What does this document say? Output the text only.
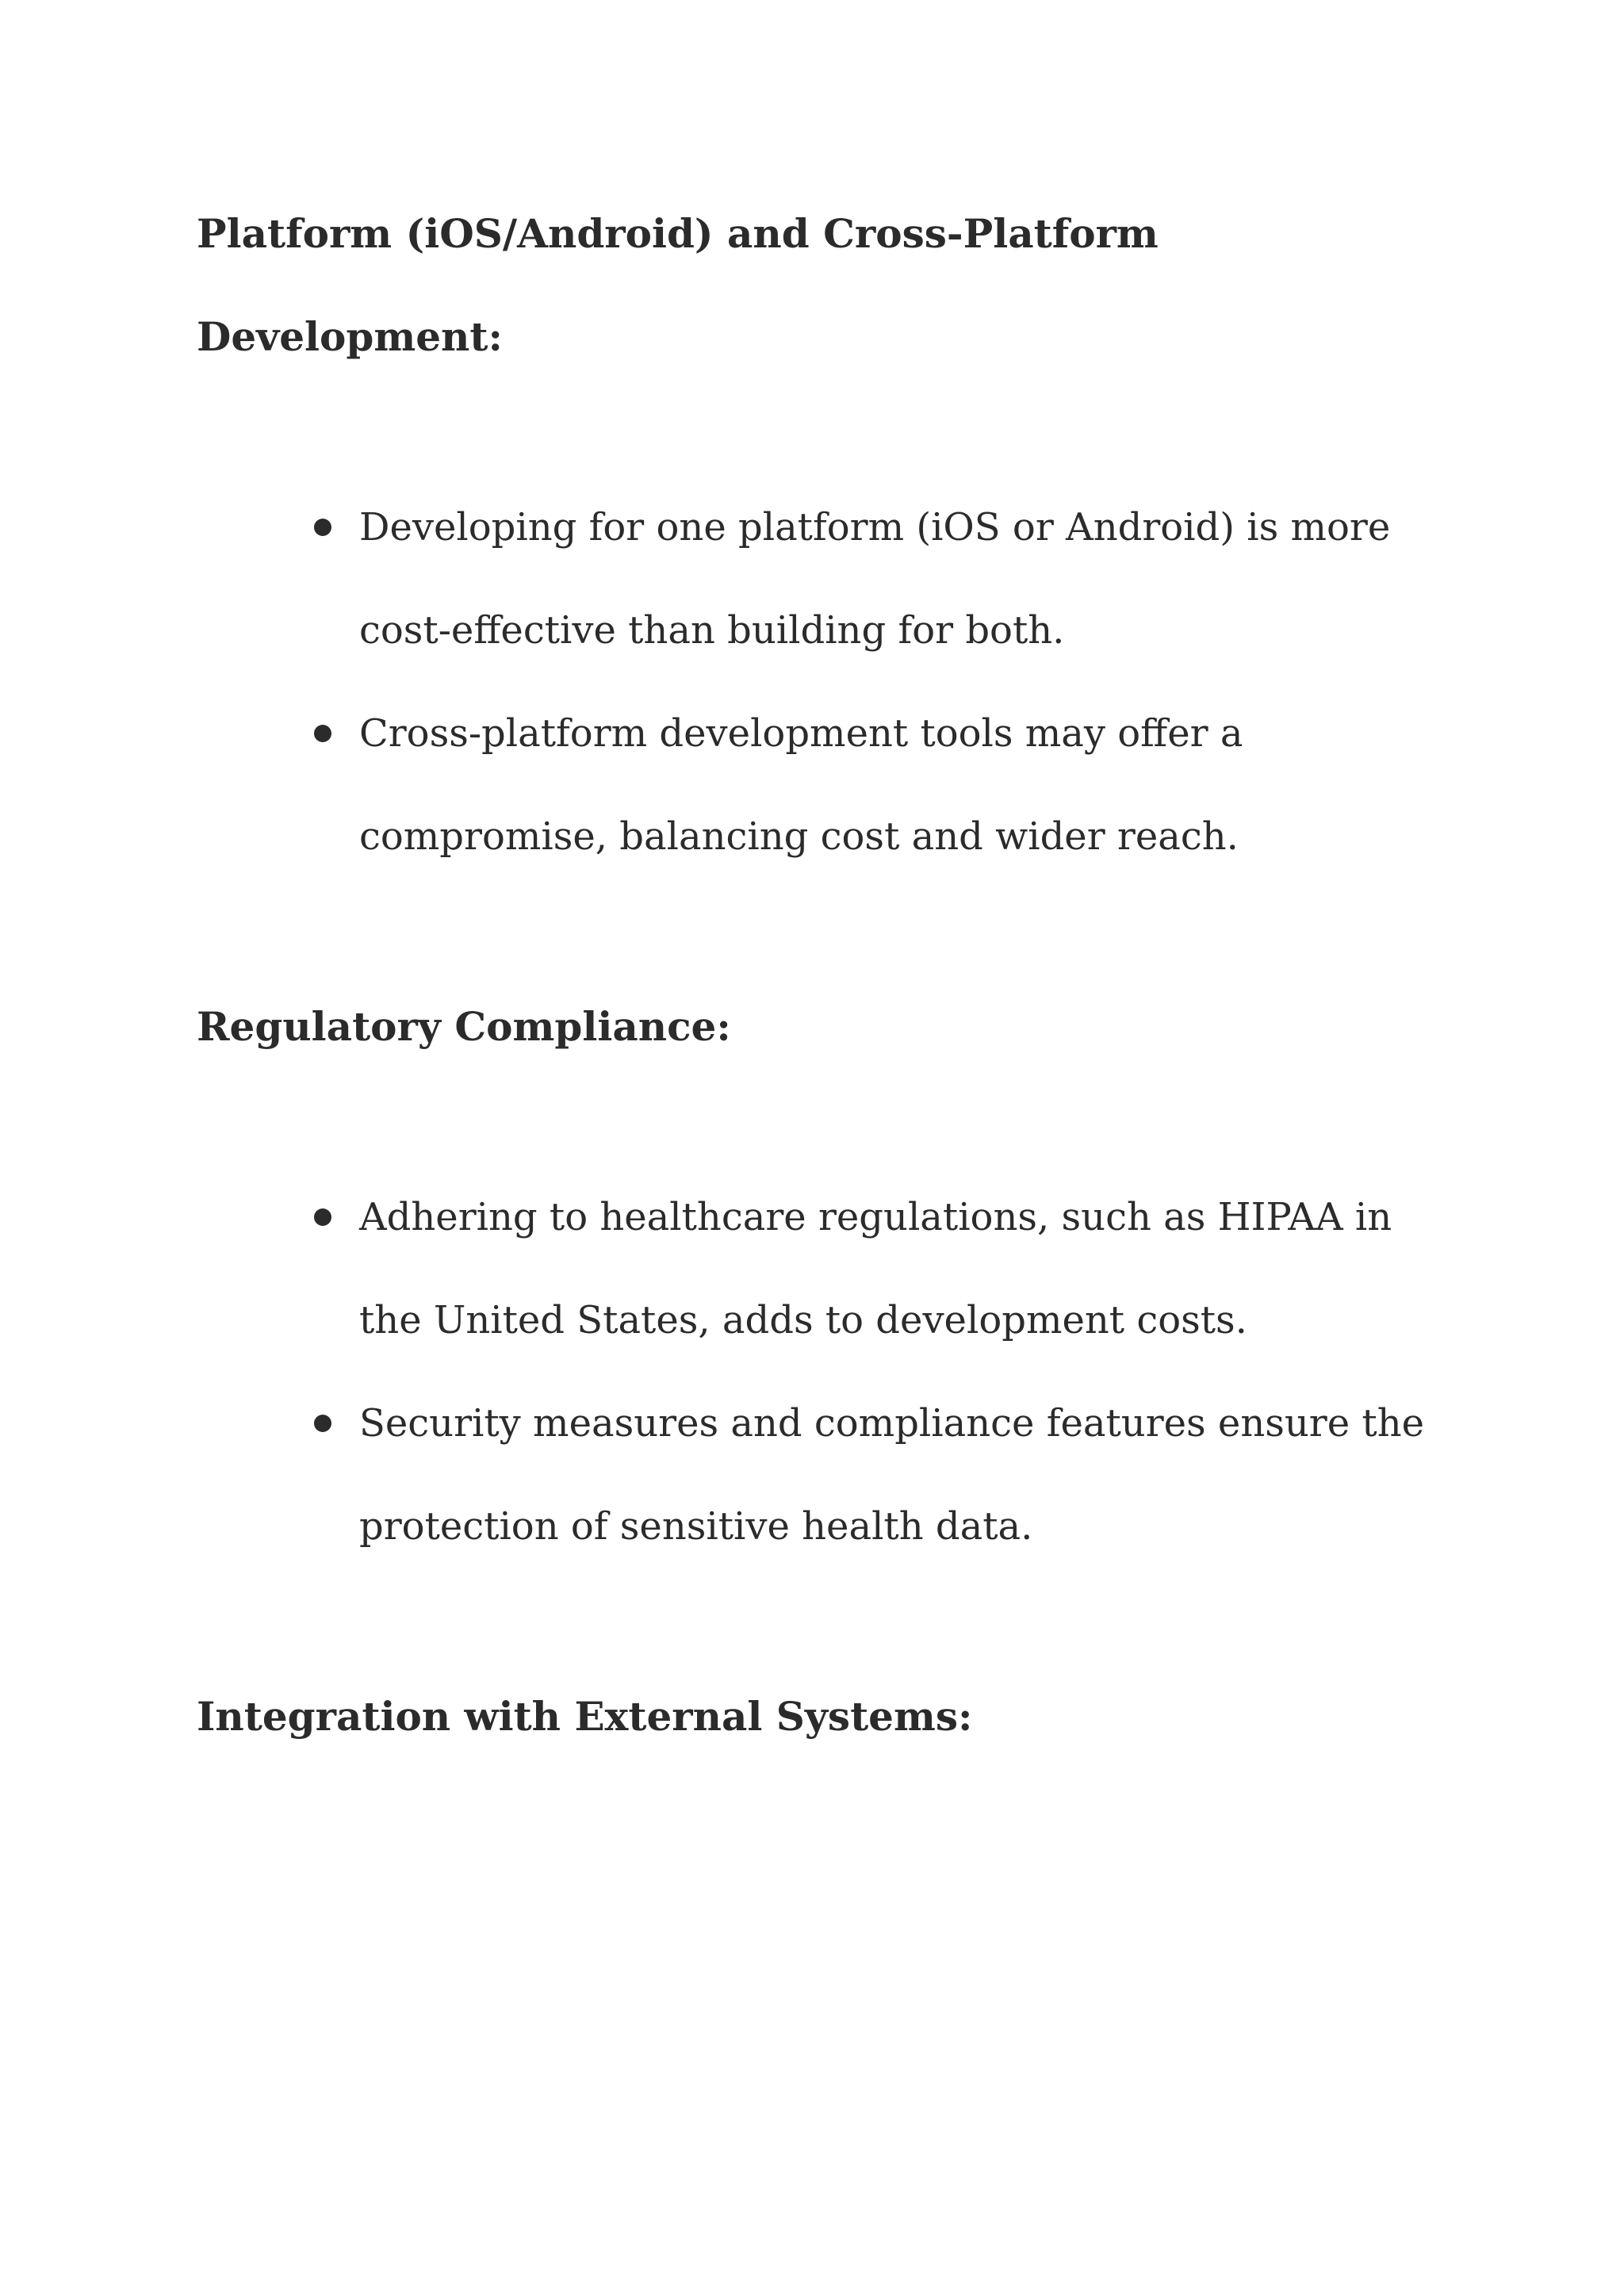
Platform (iOS/Android) and Cross-Platform Development:
Developing for one platform (iOS or Android) is more cost-effective than building for both.
Cross-platform development tools may offer a compromise, balancing cost and wider reach.
Regulatory Compliance:
Adhering to healthcare regulations, such as HIPAA in the United States, adds to development costs.
Security measures and compliance features ensure the protection of sensitive health data.
Integration with External Systems:
